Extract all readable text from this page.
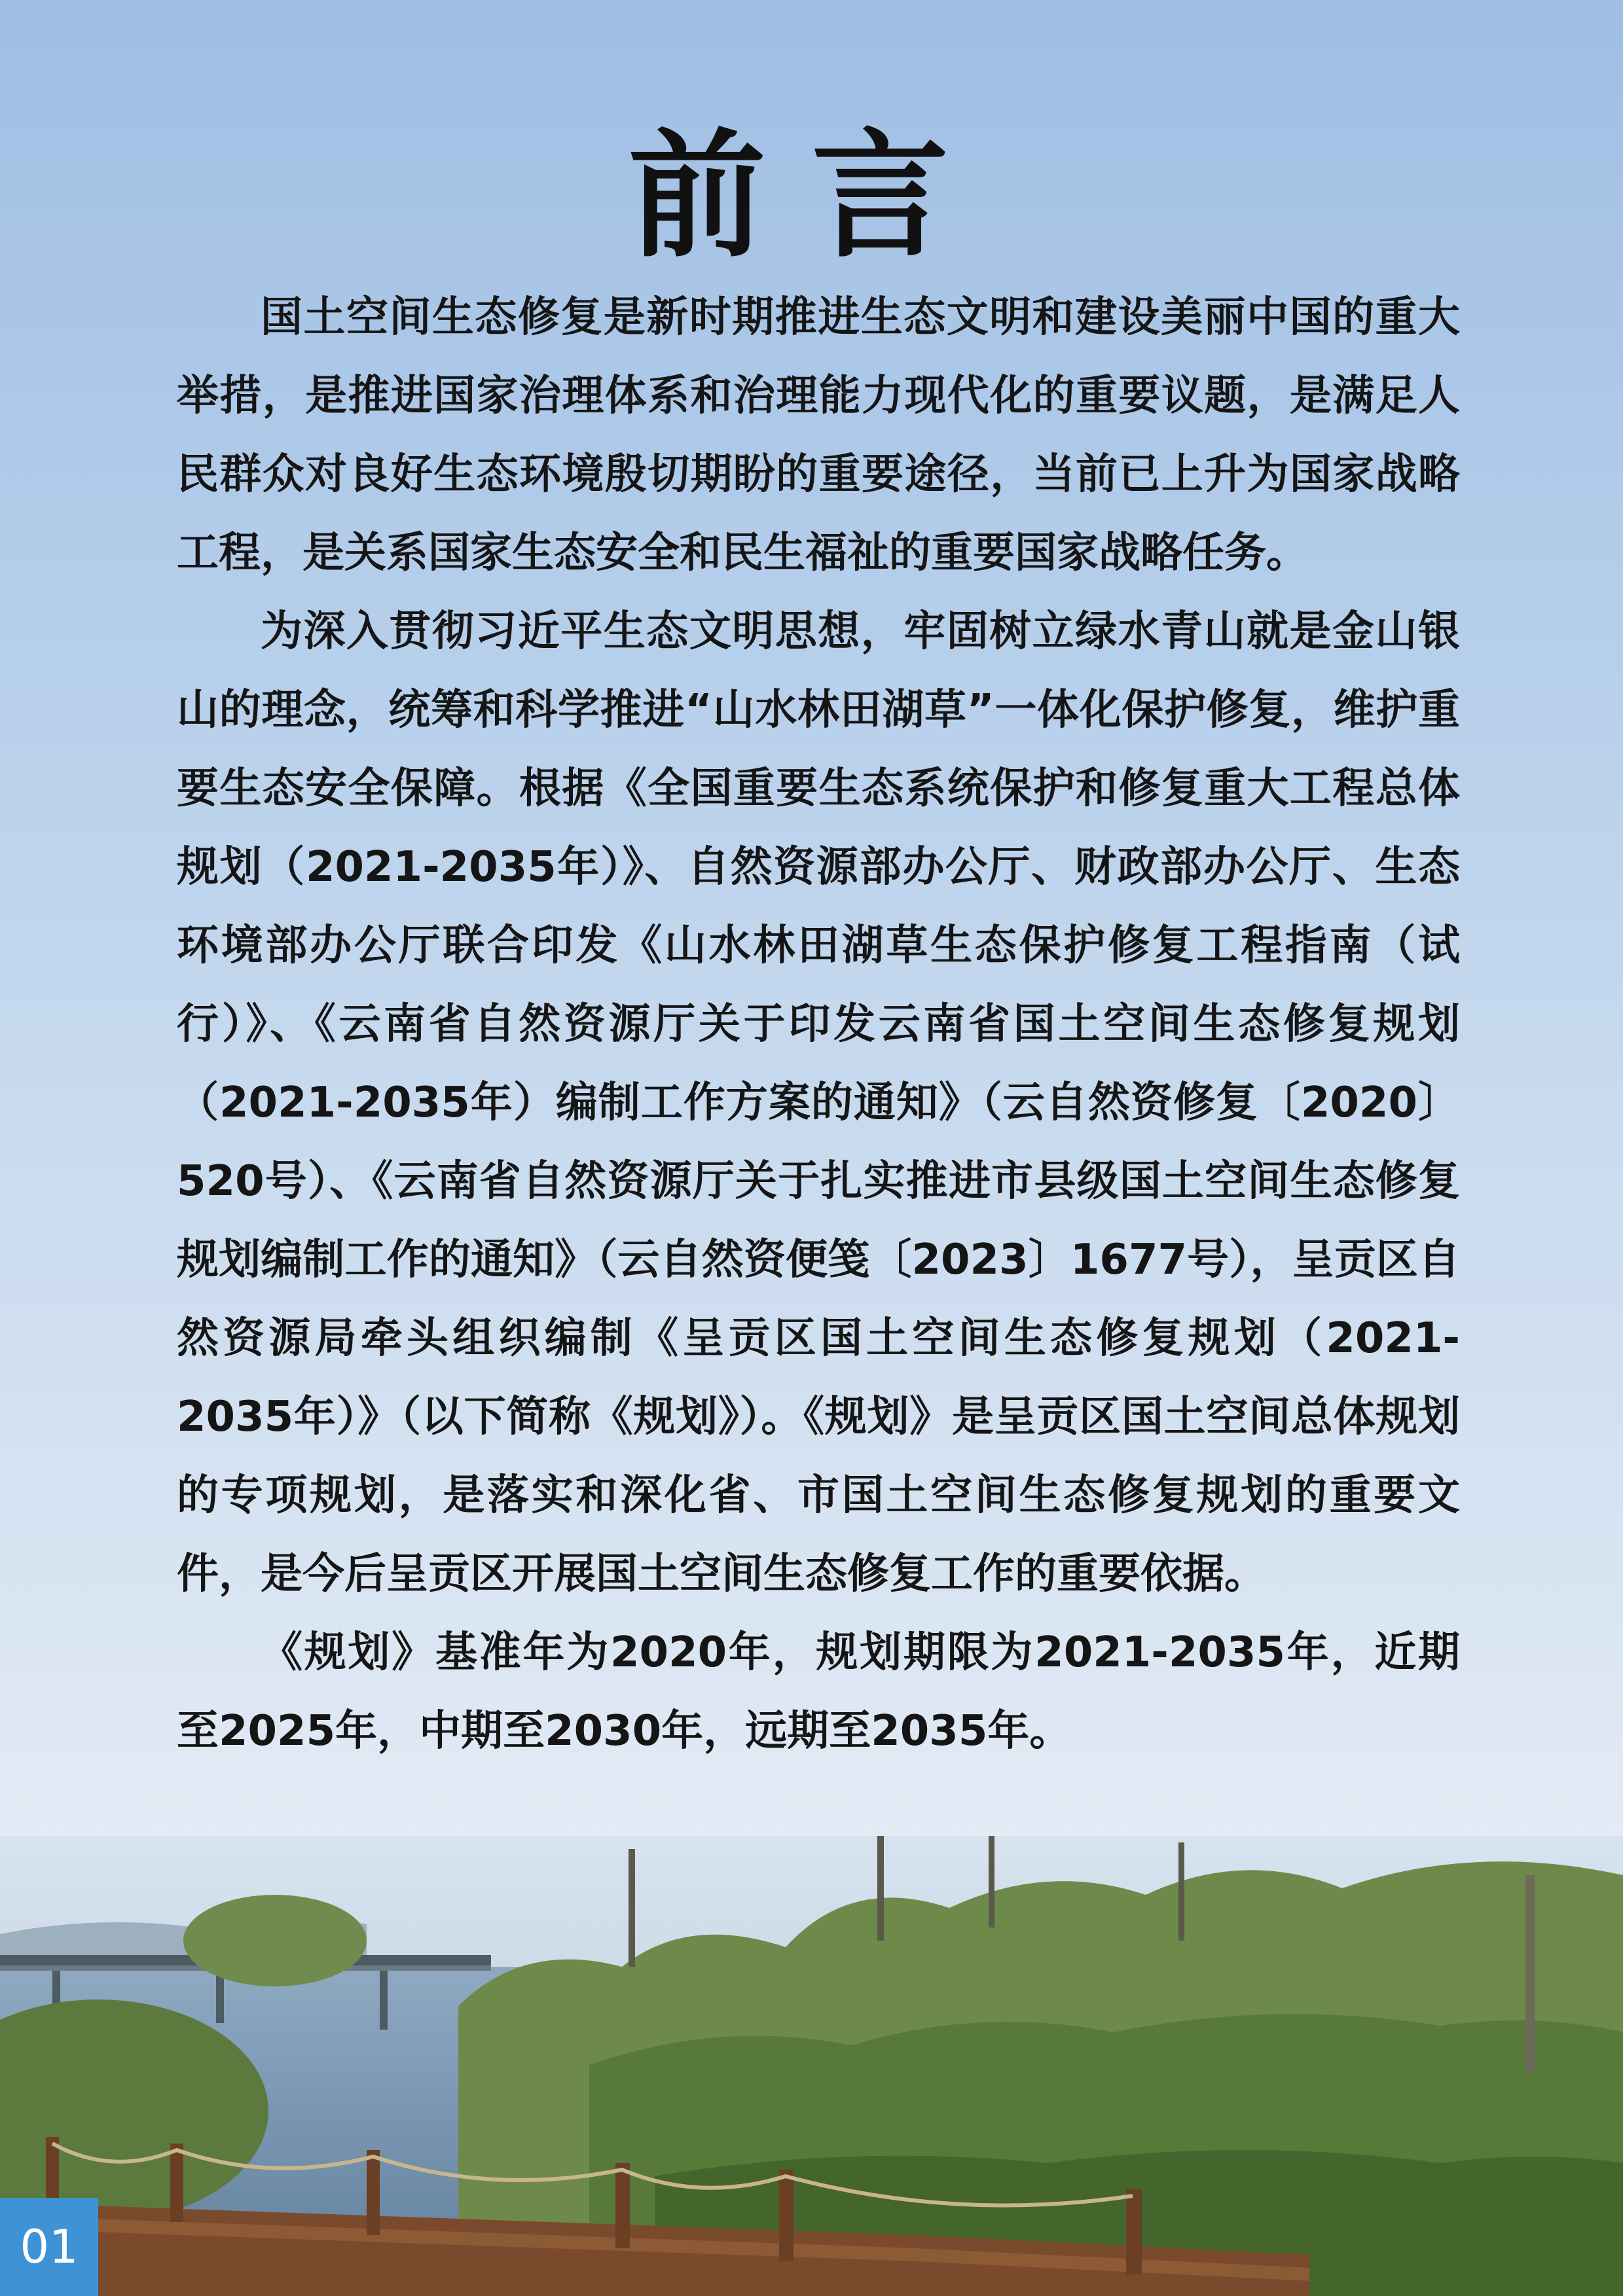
前言

国土空间生态修复是新时期推进生态文明和建设美丽中国的重大举措，是推进国家治理体系和治理能力现代化的重要议题，是满足人民群众对良好生态环境殷切期盼的重要途径，当前已上升为国家战略工程，是关系国家生态安全和民生福祉的重要国家战略任务。

为深入贯彻习近平生态文明思想，牢固树立绿水青山就是金山银山的理念，统筹和科学推进“山水林田湖草”一体化保护修复，维护重要生态安全保障。根据《全国重要生态系统保护和修复重大工程总体规划（2021-2035年）》、自然资源部办公厅、财政部办公厅、生态环境部办公厅联合印发《山水林田湖草生态保护修复工程指南（试行）》、《云南省自然资源厅关于印发云南省国土空间生态修复规划（2021-2035年）编制工作方案的通知》（云自然资修复〔2020〕520号）、《云南省自然资源厅关于扎实推进市县级国土空间生态修复规划编制工作的通知》（云自然资便笺〔2023〕1677号），呈贡区自然资源局牵头组织编制《呈贡区国土空间生态修复规划（2021-2035年）》（以下简称《规划》）。《规划》是呈贡区国土空间总体规划的专项规划，是落实和深化省、市国土空间生态修复规划的重要文件，是今后呈贡区开展国土空间生态修复工作的重要依据。

《规划》基准年为2020年，规划期限为2021-2035年，近期至2025年，中期至2030年，远期至2035年。

01
